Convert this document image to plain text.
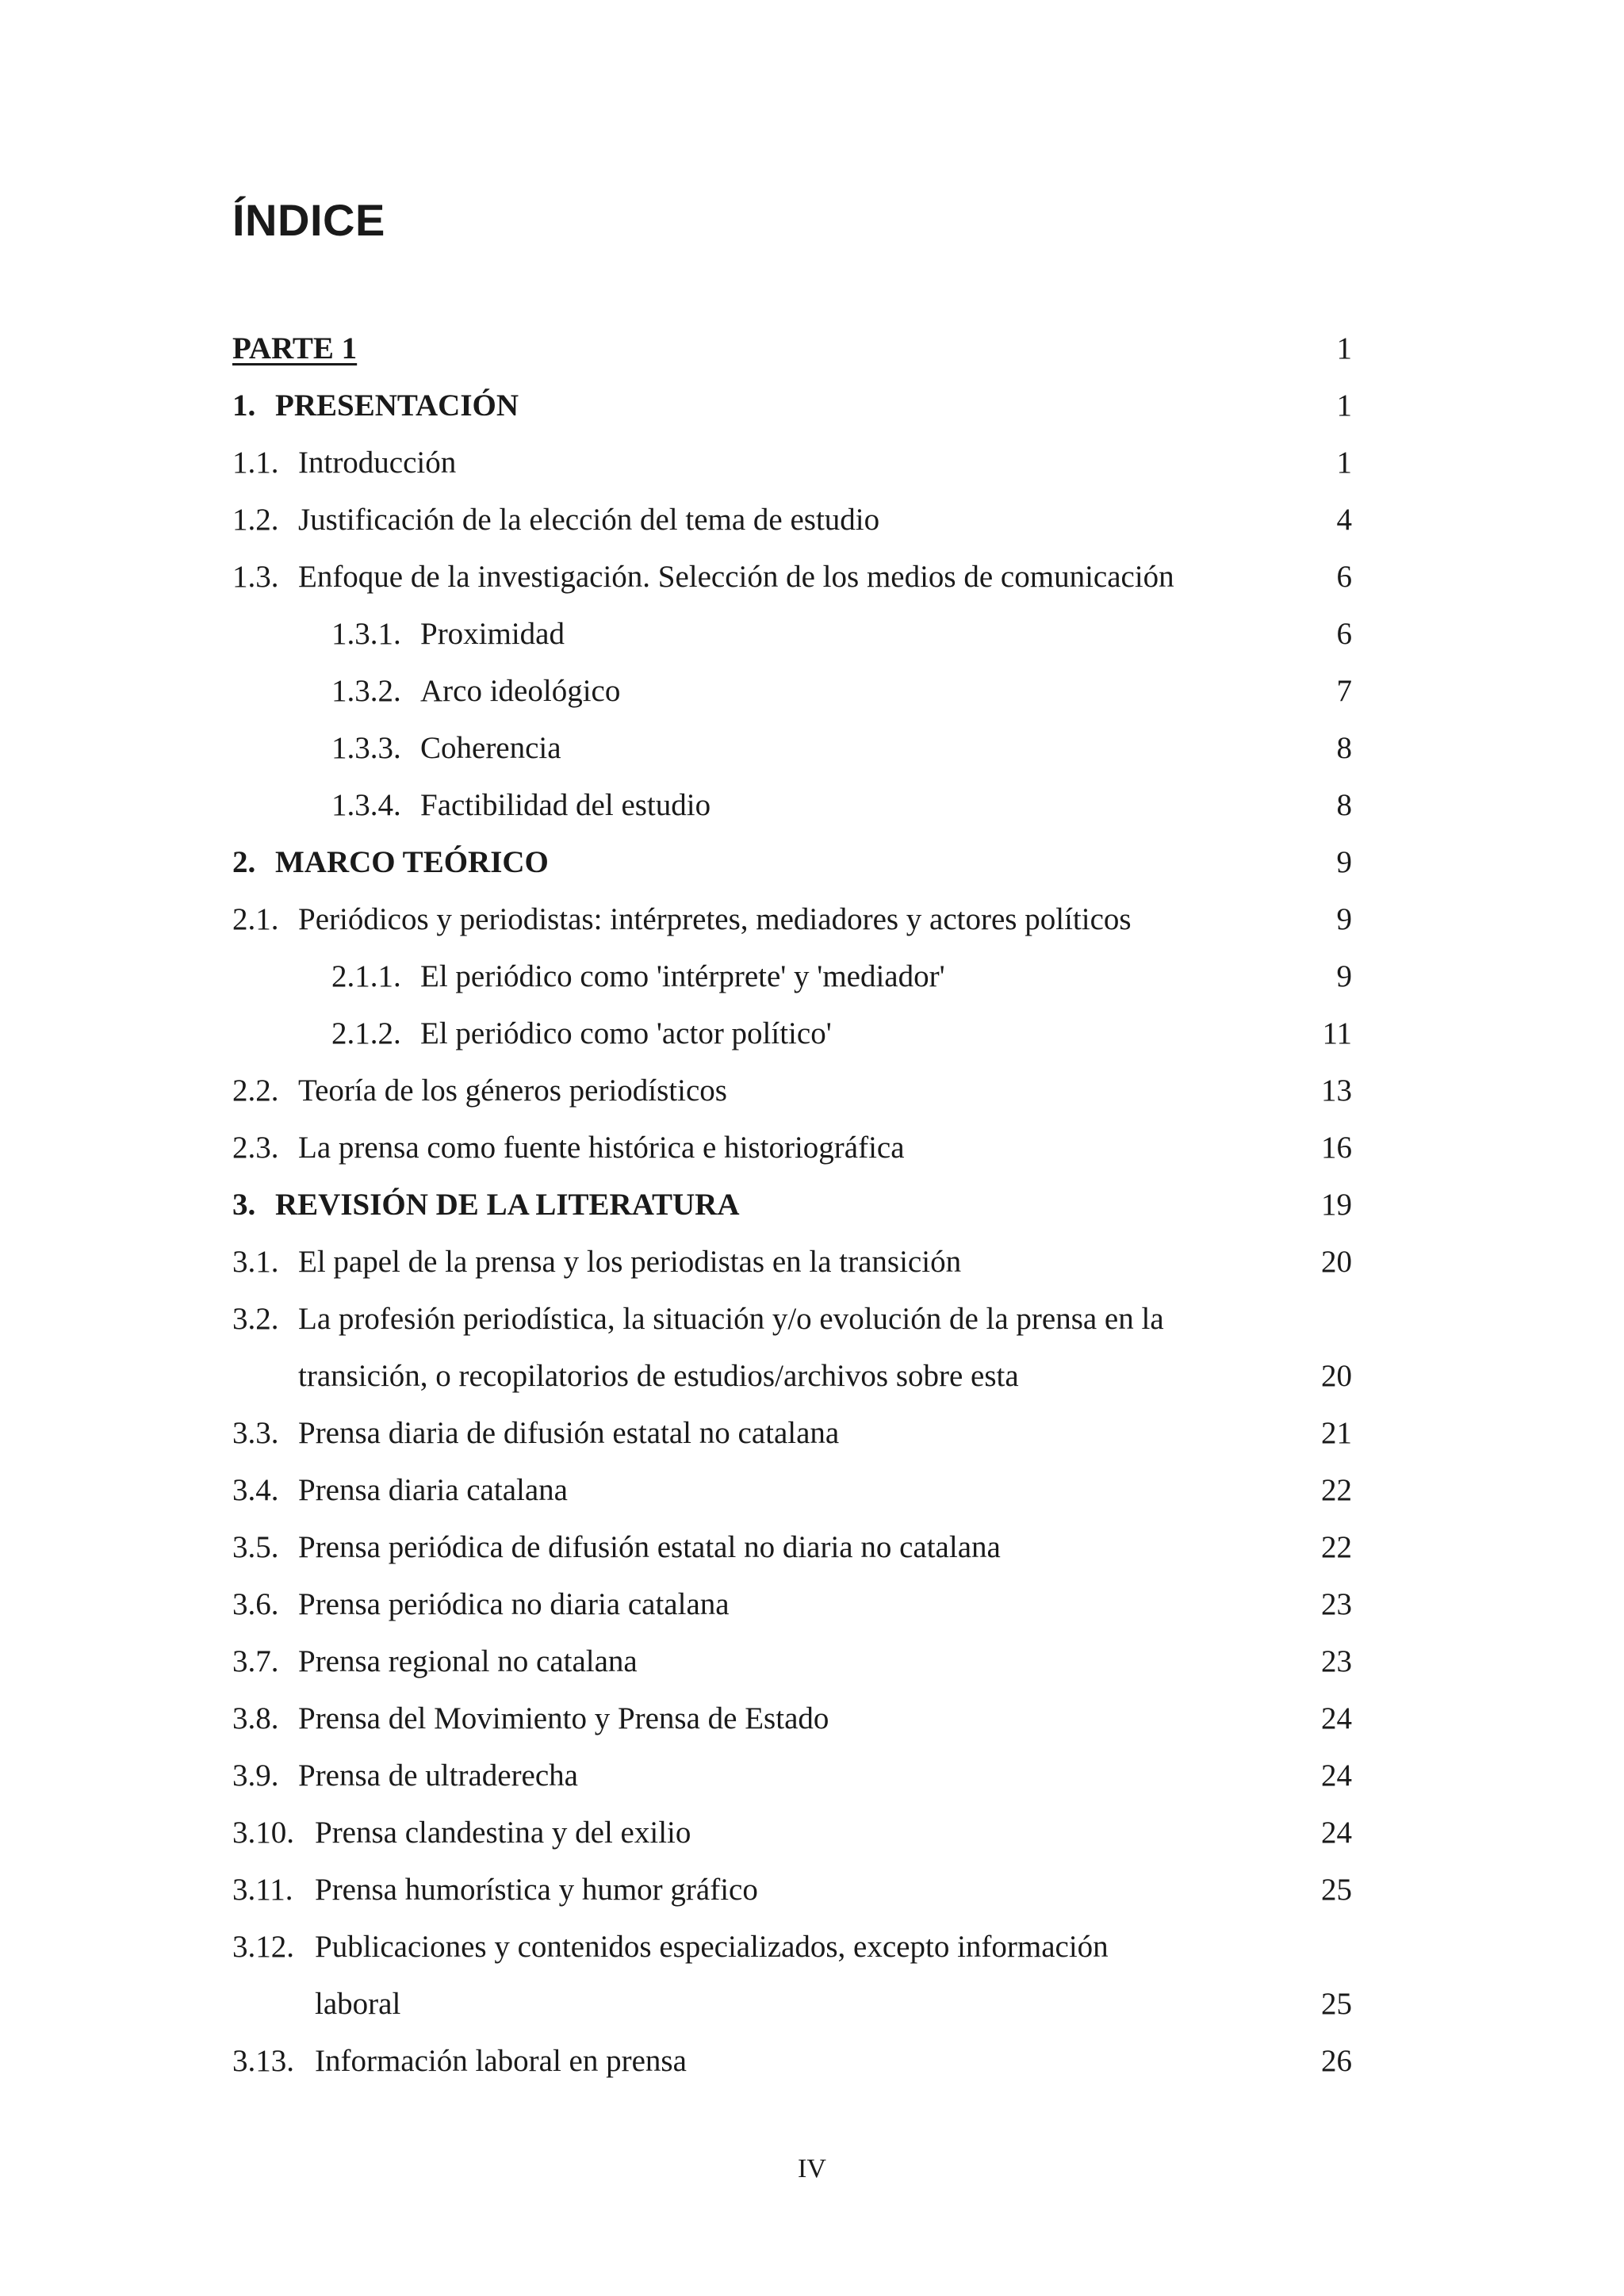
ÍNDICE
PARTE 1	1
1. PRESENTACIÓN	1
1.1. Introducción	1
1.2. Justificación de la elección del tema de estudio	4
1.3. Enfoque de la investigación. Selección de los medios de comunicación	6
1.3.1. Proximidad	6
1.3.2. Arco ideológico	7
1.3.3. Coherencia	8
1.3.4. Factibilidad del estudio	8
2. MARCO TEÓRICO	9
2.1. Periódicos y periodistas: intérpretes, mediadores y actores políticos	9
2.1.1. El periódico como 'intérprete' y 'mediador'	9
2.1.2. El periódico como 'actor político'	11
2.2. Teoría de los géneros periodísticos	13
2.3. La prensa como fuente histórica e historiográfica	16
3. REVISIÓN DE LA LITERATURA	19
3.1. El papel de la prensa y los periodistas en la transición	20
3.2. La profesión periodística, la situación y/o evolución de la prensa en la
transición, o recopilatorios de estudios/archivos sobre esta	20
3.3. Prensa diaria de difusión estatal no catalana	21
3.4. Prensa diaria catalana	22
3.5. Prensa periódica de difusión estatal no diaria no catalana	22
3.6. Prensa periódica no diaria catalana	23
3.7. Prensa regional no catalana	23
3.8. Prensa del Movimiento y Prensa de Estado	24
3.9. Prensa de ultraderecha	24
3.10. Prensa clandestina y del exilio	24
3.11. Prensa humorística y humor gráfico	25
3.12. Publicaciones y contenidos especializados, excepto información
laboral	25
3.13. Información laboral en prensa	26
IV
